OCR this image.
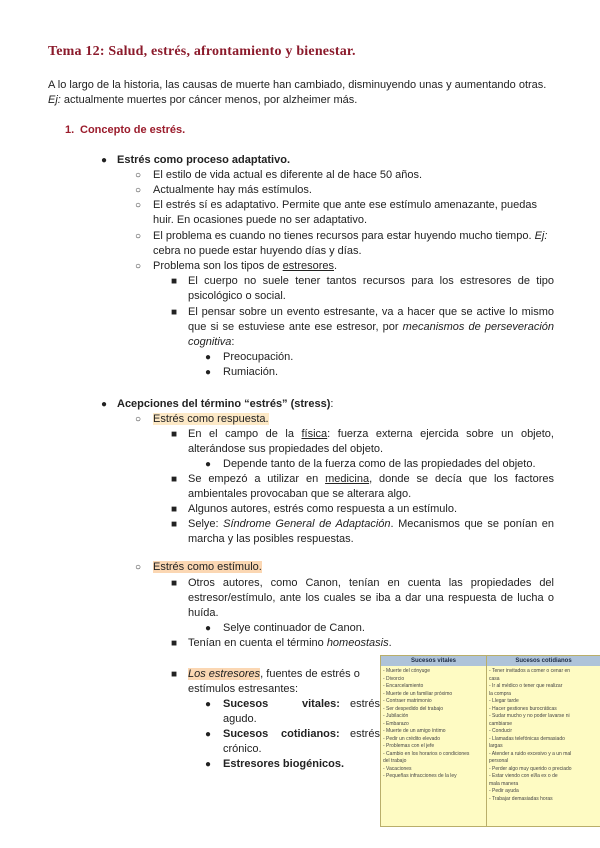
Tema 12: Salud, estrés, afrontamiento y bienestar.
A lo largo de la historia, las causas de muerte han cambiado, disminuyendo unas y aumentando otras.
Ej: actualmente muertes por cáncer menos, por alzheimer más.
1. Concepto de estrés.
● Estrés como proceso adaptativo.
○ El estilo de vida actual es diferente al de hace 50 años.
○ Actualmente hay más estímulos.
○ El estrés sí es adaptativo. Permite que ante ese estímulo amenazante, puedas
huir. En ocasiones puede no ser adaptativo.
○ El problema es cuando no tienes recursos para estar huyendo mucho tiempo. Ej:
cebra no puede estar huyendo días y días.
○ Problema son los tipos de estresores.
■ El cuerpo no suele tener tantos recursos para los estresores de tipo
psicológico o social.
■ El pensar sobre un evento estresante, va a hacer que se active lo mismo
que si se estuviese ante ese estresor, por mecanismos de perseveración
cognitiva:
● Preocupación.
● Rumiación.
● Acepciones del término “estrés” (stress):
○ Estrés como respuesta.
■ En el campo de la física: fuerza externa ejercida sobre un objeto,
alterándose sus propiedades del objeto.
● Depende tanto de la fuerza como de las propiedades del objeto.
■ Se empezó a utilizar en medicina, donde se decía que los factores
ambientales provocaban que se alterara algo.
■ Algunos autores, estrés como respuesta a un estímulo.
■ Selye: Síndrome General de Adaptación. Mecanismos que se ponían en
marcha y las posibles respuestas.
○ Estrés como estímulo.
■ Otros autores, como Canon, tenían en cuenta las propiedades del
estresor/estímulo, ante los cuales se iba a dar una respuesta de lucha o
huída.
● Selye continuador de Canon.
■ Tenían en cuenta el término homeostasis.
■ Los estresores, fuentes de estrés o
estímulos estresantes:
● Sucesos	vitales: estrés
agudo.
● Sucesos cotidianos: estrés
crónico.
● Estresores biogénicos.
Sucesos vitales	Sucesos cotidianos
- Muerte del cónyuge
- Divorcio
- Encarcelamiento
- Muerte de un familiar próximo
- Contraer matrimonio
- Ser despedido del trabajo
- Jubilación
- Embarazo
- Muerte de un amigo íntimo
- Pedir un crédito elevado
- Problemas con el jefe
- Cambio en los horarios o condiciones
del trabajo
- Vacaciones
- Pequeñas infracciones de la ley
- Tener invitados a comer o cenar en
casa
- Ir al médico o tener que realizar
la compra
- Llegar tarde
- Hacer gestiones burocráticas
- Sudar mucho y no poder lavarse ni
cambiarse
- Conducir
- Llamadas telefónicas demasiado
largas
- Atender a ruido excesivo y a un mal
personal
- Perder algo muy querido o preciado
- Estar viendo con el/la ex o de
mala manera
- Pedir ayuda
- Trabajar demasiadas horas
